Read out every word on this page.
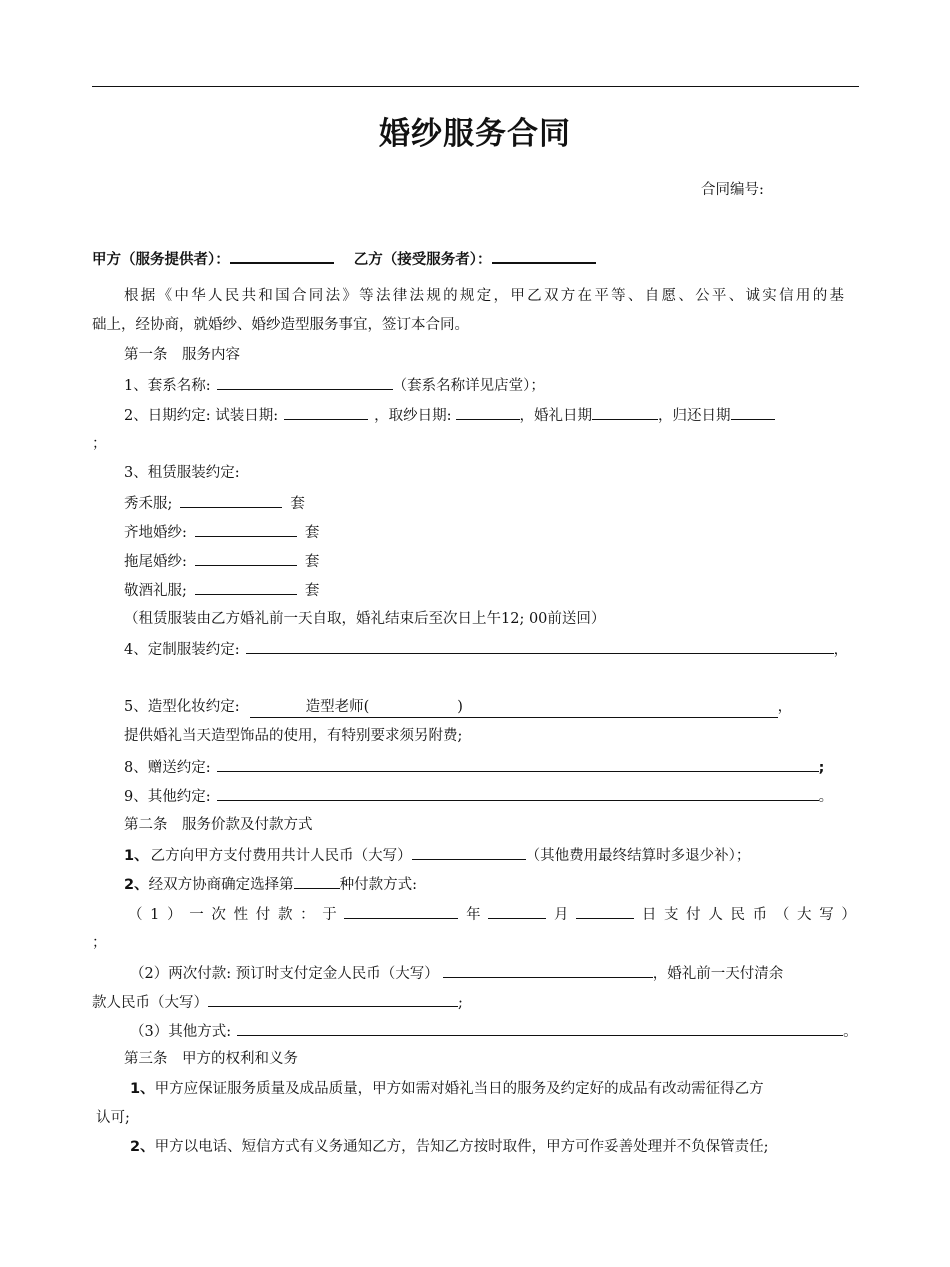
婚纱服务合同
合同编号:
甲方（服务提供者）：	乙方（接受服务者）：
根据《中华人民共和国合同法》等法律法规的规定，甲乙双方在平等、自愿、公平、诚实信用的基
础上，经协商，就婚纱、婚纱造型服务事宜，签订本合同。
第一条　服务内容
1、套系名称:	（套系名称详见店堂）；
2、日期约定: 试装日期:	，取纱日期:	，婚礼日期	，归还日期
；
3、租赁服装约定:
秀禾服;	套
齐地婚纱:	套
拖尾婚纱:	套
敬酒礼服;	套
（租赁服装由乙方婚礼前一天自取，婚礼结束后至次日上午12; 00前送回）
4、定制服装约定:	，
5、造型化妆约定:	造型老师(	)	，
提供婚礼当天造型饰品的使用，有特别要求须另附费;
8、赠送约定:	;
9、其他约定:	。
第二条　服务价款及付款方式
1、 乙方向甲方支付费用共计人民币（大写）	（其他费用最终结算时多退少补）；
2、经双方协商确定选择第	种付款方式:
（ 1 ） 一 次 性 付 款 ： 于	年	月	日 支 付 人 民 币 （ 大 写 ）
；
（2）两次付款: 预订时支付定金人民币（大写）	，婚礼前一天付清余
款人民币（大写）	;
（3）其他方式:	。
第三条　甲方的权利和义务
1、甲方应保证服务质量及成品质量，甲方如需对婚礼当日的服务及约定好的成品有改动需征得乙方
认可;
2、甲方以电话、短信方式有义务通知乙方，告知乙方按时取件，甲方可作妥善处理并不负保管责任;
